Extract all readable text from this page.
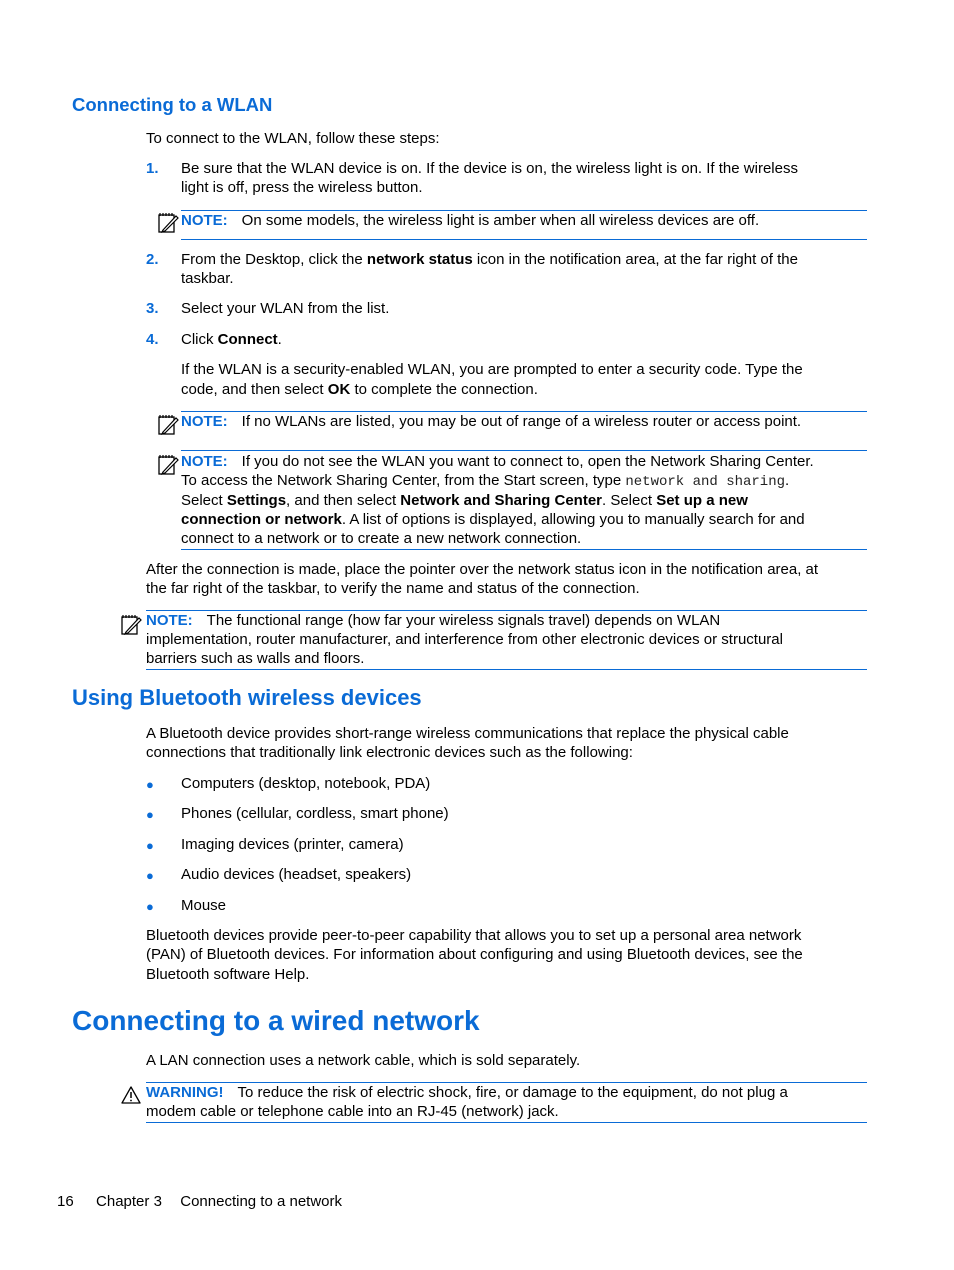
Connecting to a WLAN

To connect to the WLAN, follow these steps:

1. Be sure that the WLAN device is on. If the device is on, the wireless light is on. If the wireless

light is off, press the wireless button.

NOTE: On some models, the wireless light is amber when all wireless devices are off.

2. From the Desktop, click the network status icon in the notification area, at the far right of the

taskbar.

3. Select your WLAN from the list.

4. Click Connect.

If the WLAN is a security-enabled WLAN, you are prompted to enter a security code. Type the

code, and then select OK to complete the connection.

NOTE: If no WLANs are listed, you may be out of range of a wireless router or access point.

NOTE: If you do not see the WLAN you want to connect to, open the Network Sharing Center.

To access the Network Sharing Center, from the Start screen, type network and sharing.

Select Settings, and then select Network and Sharing Center. Select Set up a new

connection or network. A list of options is displayed, allowing you to manually search for and

connect to a network or to create a new network connection.

After the connection is made, place the pointer over the network status icon in the notification area, at

the far right of the taskbar, to verify the name and status of the connection.

NOTE: The functional range (how far your wireless signals travel) depends on WLAN

implementation, router manufacturer, and interference from other electronic devices or structural

barriers such as walls and floors.

Using Bluetooth wireless devices

A Bluetooth device provides short-range wireless communications that replace the physical cable

connections that traditionally link electronic devices such as the following:

● Computers (desktop, notebook, PDA)

● Phones (cellular, cordless, smart phone)

● Imaging devices (printer, camera)

● Audio devices (headset, speakers)

● Mouse

Bluetooth devices provide peer-to-peer capability that allows you to set up a personal area network

(PAN) of Bluetooth devices. For information about configuring and using Bluetooth devices, see the

Bluetooth software Help.

Connecting to a wired network

A LAN connection uses a network cable, which is sold separately.

WARNING! To reduce the risk of electric shock, fire, or damage to the equipment, do not plug a

modem cable or telephone cable into an RJ-45 (network) jack.

16 Chapter 3 Connecting to a network
